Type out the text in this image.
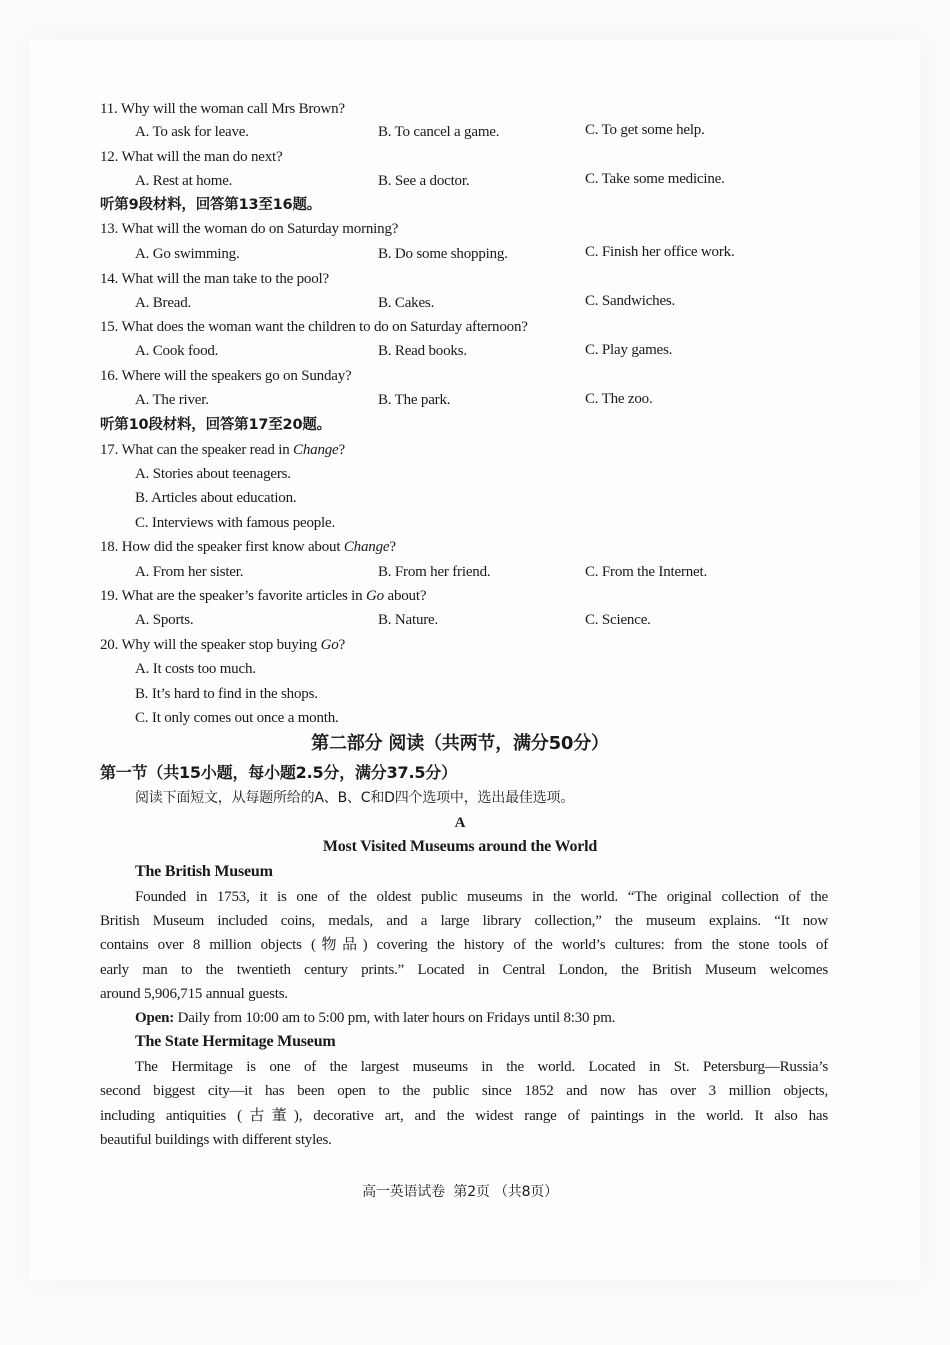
11. Why will the woman call Mrs Brown?
A. To ask for leave.	B. To cancel a game.	C. To get some help.
12. What will the man do next?
A. Rest at home.	B. See a doctor.	C. Take some medicine.
听第9段材料，回答第13至16题。
13. What will the woman do on Saturday morning?
A. Go swimming.	B. Do some shopping.	C. Finish her office work.
14. What will the man take to the pool?
A. Bread.	B. Cakes.	C. Sandwiches.
15. What does the woman want the children to do on Saturday afternoon?
A. Cook food.	B. Read books.	C. Play games.
16. Where will the speakers go on Sunday?
A. The river.	B. The park.	C. The zoo.
听第10段材料，回答第17至20题。
17. What can the speaker read in Change?
A. Stories about teenagers.
B. Articles about education.
C. Interviews with famous people.
18. How did the speaker first know about Change?
A. From her sister.	B. From her friend.	C. From the Internet.
19. What are the speaker’s favorite articles in Go about?
A. Sports.	B. Nature.	C. Science.
20. Why will the speaker stop buying Go?
A. It costs too much.
B. It’s hard to find in the shops.
C. It only comes out once a month.
第二部分 阅读（共两节，满分50分）
第一节（共15小题，每小题2.5分，满分37.5分）
阅读下面短文，从每题所给的A、B、C和D四个选项中，选出最佳选项。
A
Most Visited Museums around the World
The British Museum
Founded in 1753, it is one of the oldest public museums in the world. “The original collection of the
British Museum included coins, medals, and a large library collection,” the museum explains. “It now
contains over 8 million objects (物品) covering the history of the world’s cultures: from the stone tools of
early man to the twentieth century prints.” Located in Central London, the British Museum welcomes
around 5,906,715 annual guests.
Open: Daily from 10:00 am to 5:00 pm, with later hours on Fridays until 8:30 pm.
The State Hermitage Museum
The Hermitage is one of the largest museums in the world. Located in St. Petersburg—Russia’s
second biggest city—it has been open to the public since 1852 and now has over 3 million objects,
including antiquities (古董), decorative art, and the widest range of paintings in the world. It also has
beautiful buildings with different styles.
高一英语试卷  第2页 （共8页）
